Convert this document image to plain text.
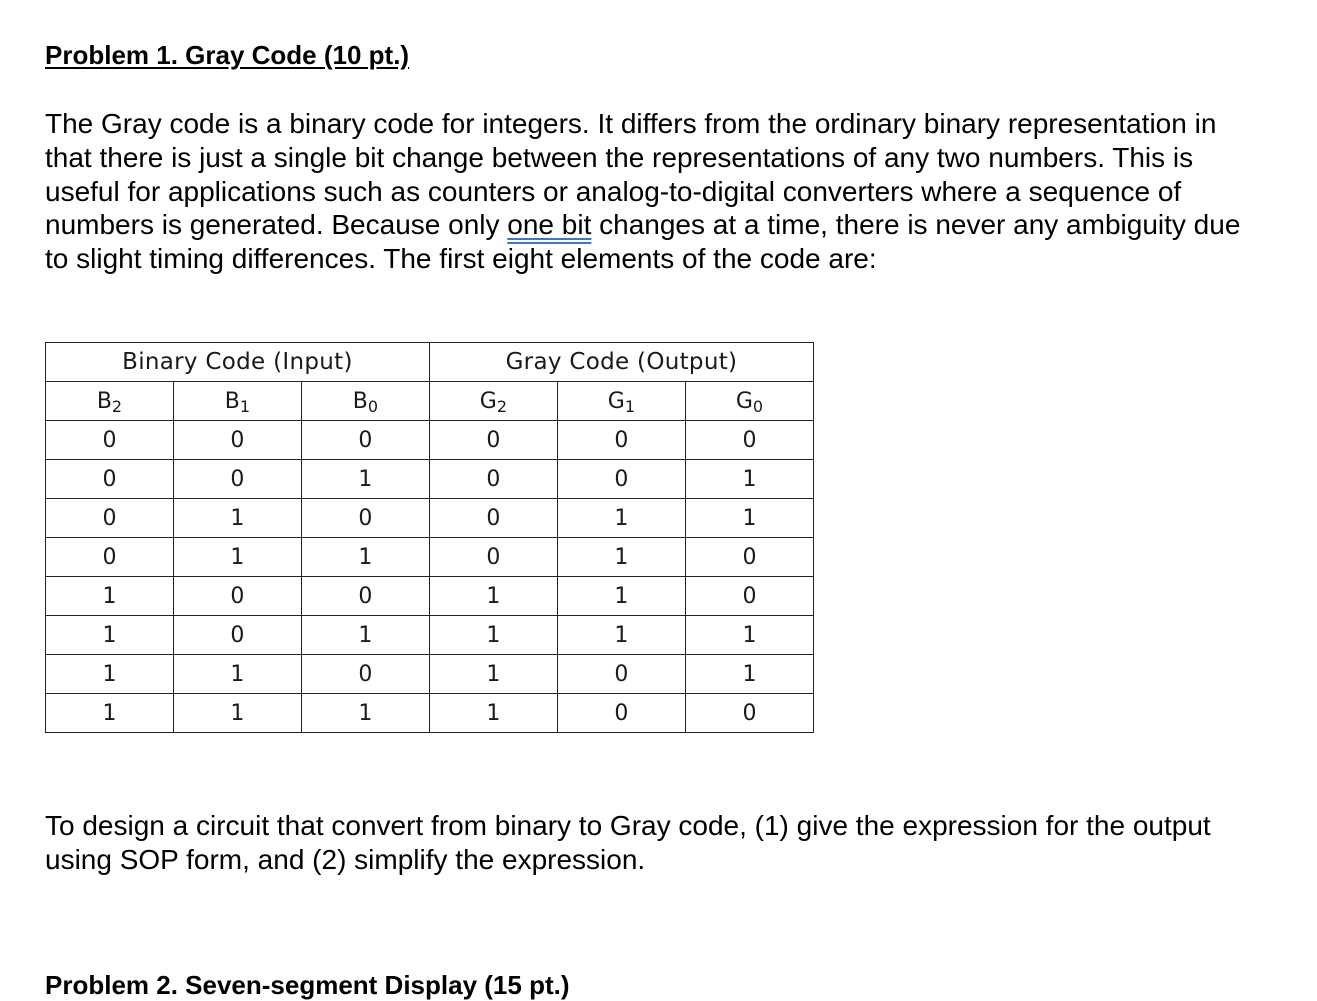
Problem 1. Gray Code (10 pt.)
The Gray code is a binary code for integers. It differs from the ordinary binary representation in that there is just a single bit change between the representations of any two numbers. This is useful for applications such as counters or analog-to-digital converters where a sequence of numbers is generated. Because only one bit changes at a time, there is never any ambiguity due to slight timing differences. The first eight elements of the code are:
Binary Code (Input)			Gray Code (Output)		
B2	B1	B0	G2	G1	G0
0	0	0	0	0	0
0	0	1	0	0	1
0	1	0	0	1	1
0	1	1	0	1	0
1	0	0	1	1	0
1	0	1	1	1	1
1	1	0	1	0	1
1	1	1	1	0	0
To design a circuit that convert from binary to Gray code, (1) give the expression for the output using SOP form, and (2) simplify the expression.
Problem 2. Seven-segment Display (15 pt.)
